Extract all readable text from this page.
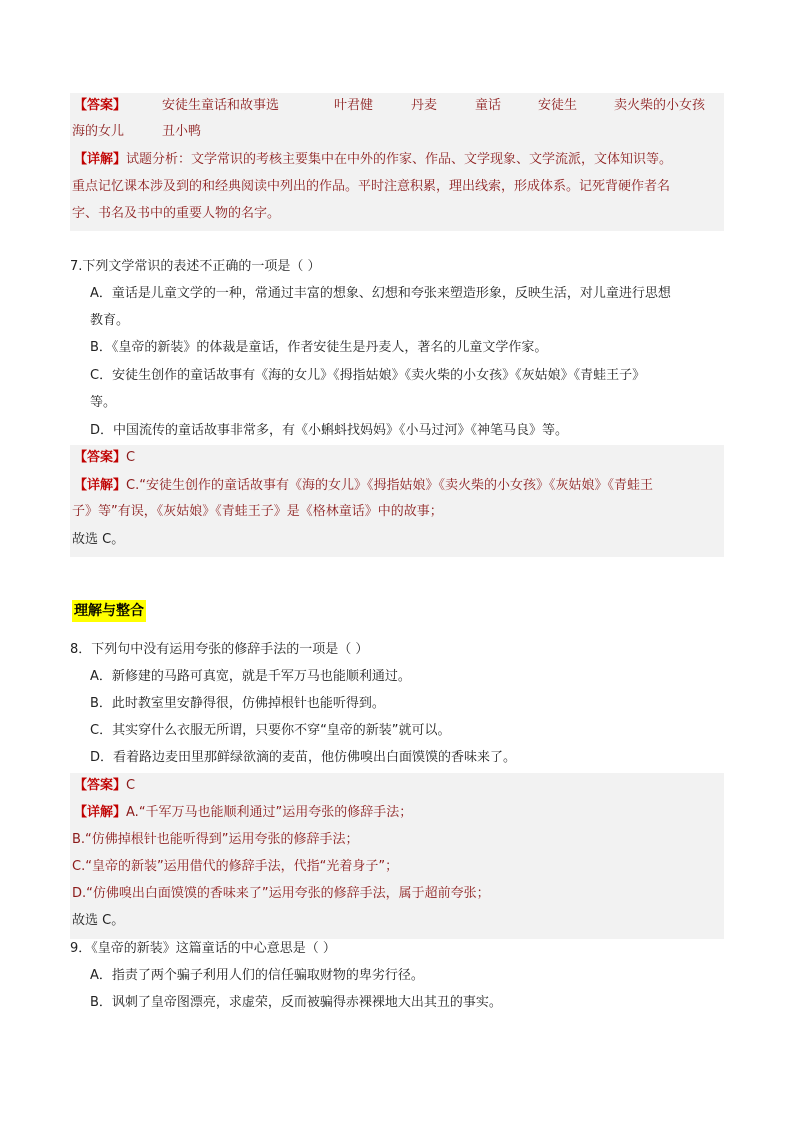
【答案】	安徒生童话和故事选	叶君健	丹麦	童话	安徒生	卖火柴的小女孩
海的女儿	丑小鸭
【详解】试题分析：文学常识的考核主要集中在中外的作家、作品、文学现象、文学流派，文体知识等。
重点记忆课本涉及到的和经典阅读中列出的作品。平时注意积累，理出线索，形成体系。记死背硬作者名
字、书名及书中的重要人物的名字。
7.下列文学常识的表述不正确的一项是（ ）
A．童话是儿童文学的一种，常通过丰富的想象、幻想和夸张来塑造形象，反映生活，对儿童进行思想
教育。
B．《皇帝的新装》的体裁是童话，作者安徒生是丹麦人，著名的儿童文学作家。
C．安徒生创作的童话故事有《海的女儿》《拇指姑娘》《卖火柴的小女孩》《灰姑娘》《青蛙王子》
等。
D．中国流传的童话故事非常多，有《小蝌蚪找妈妈》《小马过河》《神笔马良》等。
【答案】C
【详解】C.“安徒生创作的童话故事有《海的女儿》《拇指姑娘》《卖火柴的小女孩》《灰姑娘》《青蛙王
子》等”有误，《灰姑娘》《青蛙王子》是《格林童话》中的故事；
故选 C。
理解与整合
8．下列句中没有运用夸张的修辞手法的一项是（ ）
A．新修建的马路可真宽，就是千军万马也能顺利通过。
B．此时教室里安静得很，仿佛掉根针也能听得到。
C．其实穿什么衣服无所谓，只要你不穿“皇帝的新装”就可以。
D．看着路边麦田里那鲜绿欲滴的麦苗，他仿佛嗅出白面馍馍的香味来了。
【答案】C
【详解】A.“千军万马也能顺利通过”运用夸张的修辞手法；
B.“仿佛掉根针也能听得到”运用夸张的修辞手法；
C.“皇帝的新装”运用借代的修辞手法，代指“光着身子”；
D.“仿佛嗅出白面馍馍的香味来了”运用夸张的修辞手法，属于超前夸张；
故选 C。
9．《皇帝的新装》这篇童话的中心意思是（ ）
A．指责了两个骗子利用人们的信任骗取财物的卑劣行径。
B．讽刺了皇帝图漂亮，求虚荣，反而被骗得赤裸裸地大出其丑的事实。
